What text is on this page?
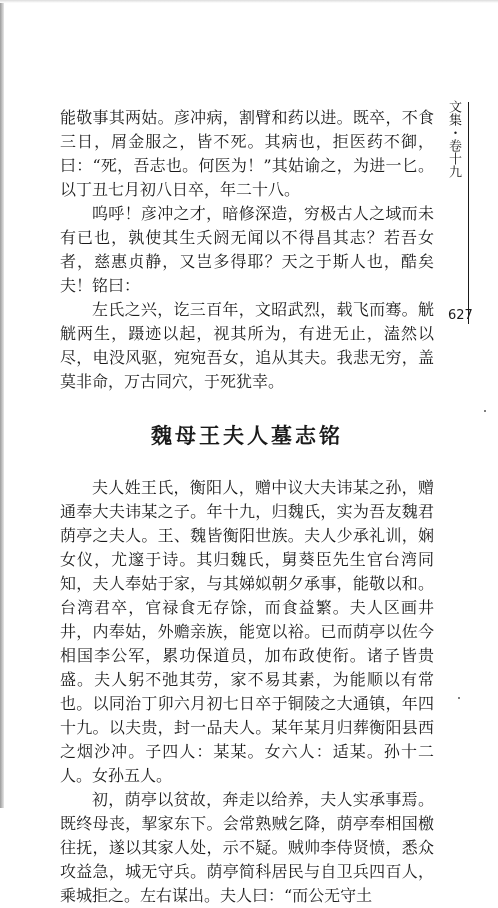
文集・卷十九
627

能敬事其两姑。彦冲病，割臂和药以进。既卒，不食三日，屑金服之，皆不死。其病也，拒医药不御，曰：“死，吾志也。何医为！”其姑谕之，为进一匕。以丁丑七月初八日卒，年二十八。

呜呼！彦冲之才，暗修深造，穷极古人之域而未有已也，孰使其生夭阏无闻以不得昌其志？若吾女者，慈惠贞静，又岂多得耶？天之于斯人也，酷矣夫！铭曰：

左氏之兴，讫三百年，文昭武烈，载飞而骞。觥觥两生，蹑迹以起，视其所为，有进无止，溘然以尽，电没风驱，宛宛吾女，追从其夫。我悲无穷，盖莫非命，万古同穴，于死犹幸。

魏母王夫人墓志铭

夫人姓王氏，衡阳人，赠中议大夫讳某之孙，赠通奉大夫讳某之子。年十九，归魏氏，实为吾友魏君荫亭之夫人。王、魏皆衡阳世族。夫人少承礼训，娴女仪，尤邃于诗。其归魏氏，舅葵臣先生官台湾同知，夫人奉姑于家，与其娣姒朝夕承事，能敬以和。台湾君卒，官禄食无存馀，而食益繁。夫人区画井井，内奉姑，外赡亲族，能宽以裕。已而荫亭以佐今相国李公军，累功保道员，加布政使衔。诸子皆贵盛。夫人躬不弛其劳，家不易其素，为能顺以有常也。以同治丁卯六月初七日卒于铜陵之大通镇，年四十九。以夫贵，封一品夫人。某年某月归葬衡阳县西之烟沙冲。子四人：某某。女六人：适某。孙十二人。女孙五人。

初，荫亭以贫故，奔走以给养，夫人实承事焉。既终母丧，挈家东下。会常熟贼乞降，荫亭奉相国檄往抚，遂以其家人处，示不疑。贼帅李侍贤愤，悉众攻益急，城无守兵。荫亭简科居民与自卫兵四百人，乘城拒之。左右谋出。夫人曰：“而公无守土
